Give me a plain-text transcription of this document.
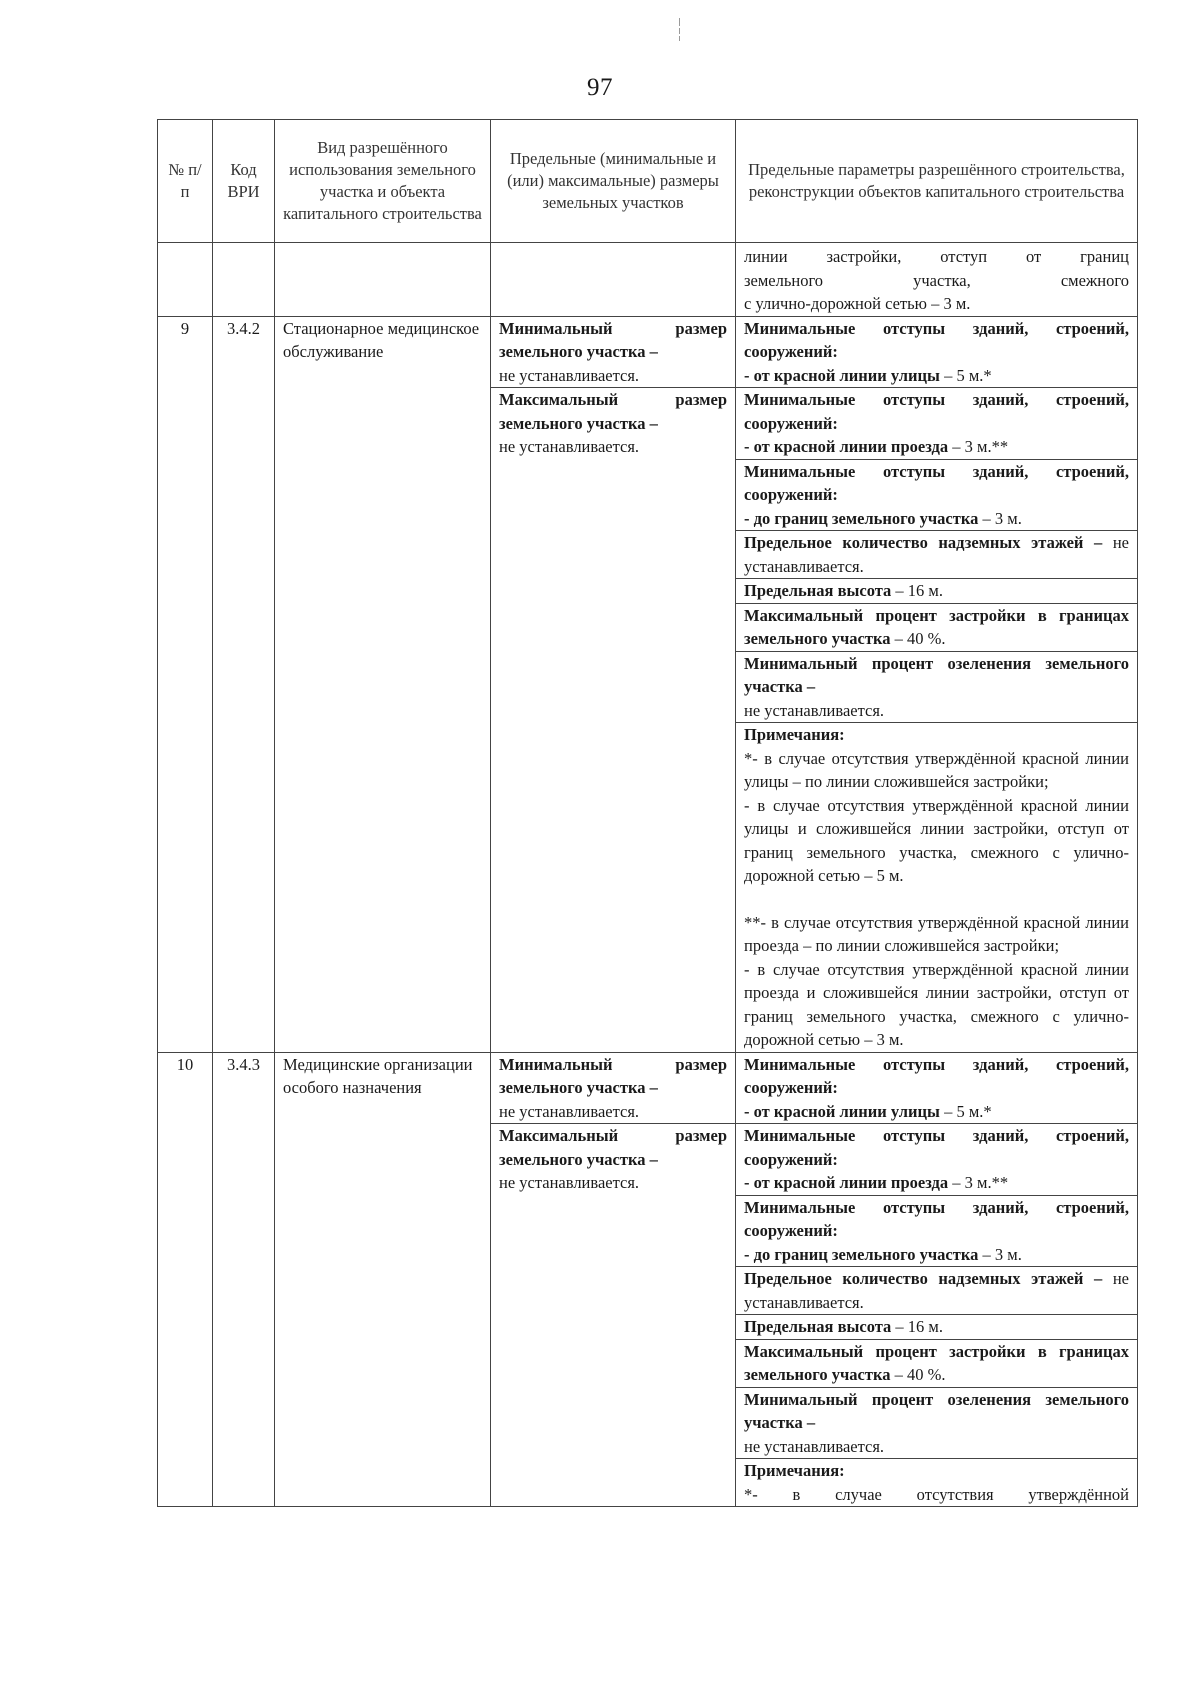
97
№ п/п	Код ВРИ	Вид разрешённого использования земельного участка и объекта капитального строительства	Предельные (минимальные и (или) максимальные) размеры земельных участков	Предельные параметры разрешённого строительства, реконструкции объектов капитального строительства

				линии застройки, отступ от границ
земельного участка, смежного
с улично-дорожной сетью – 3 м.

9	3.4.2	Стационарное медицинское обслуживание	Минимальный размер земельного участка –
не устанавливается.	Минимальные отступы зданий, строений, сооружений:
- от красной линии улицы – 5 м.*
			Максимальный размер земельного участка –
не устанавливается.	Минимальные отступы зданий, строений, сооружений:
- от красной линии проезда – 3 м.**
				Минимальные отступы зданий, строений, сооружений:
- до границ земельного участка – 3 м.
				Предельное количество надземных этажей – не устанавливается.
				Предельная высота – 16 м.
				Максимальный процент застройки в границах земельного участка – 40 %.
				Минимальный процент озеленения земельного участка –
не устанавливается.

				Примечания:
*- в случае отсутствия утверждённой красной линии улицы – по линии сложившейся застройки;
- в случае отсутствия утверждённой красной линии улицы и сложившейся линии застройки, отступ от границ земельного участка, смежного с улично-дорожной сетью – 5 м.
**- в случае отсутствия утверждённой красной линии проезда – по линии сложившейся застройки;
- в случае отсутствия утверждённой красной линии проезда и сложившейся линии застройки, отступ от границ земельного участка, смежного с улично-дорожной сетью – 3 м.

10	3.4.3	Медицинские организации особого назначения	Минимальный размер земельного участка –
не устанавливается.	Минимальные отступы зданий, строений, сооружений:
- от красной линии улицы – 5 м.*
			Максимальный размер земельного участка –
не устанавливается.	Минимальные отступы зданий, строений, сооружений:
- от красной линии проезда – 3 м.**
				Минимальные отступы зданий, строений, сооружений:
- до границ земельного участка – 3 м.
				Предельное количество надземных этажей – не устанавливается.
				Предельная высота – 16 м.
				Максимальный процент застройки в границах земельного участка – 40 %.
				Минимальный процент озеленения земельного участка –
не устанавливается.

				Примечания:
*- в случае отсутствия утверждённой
